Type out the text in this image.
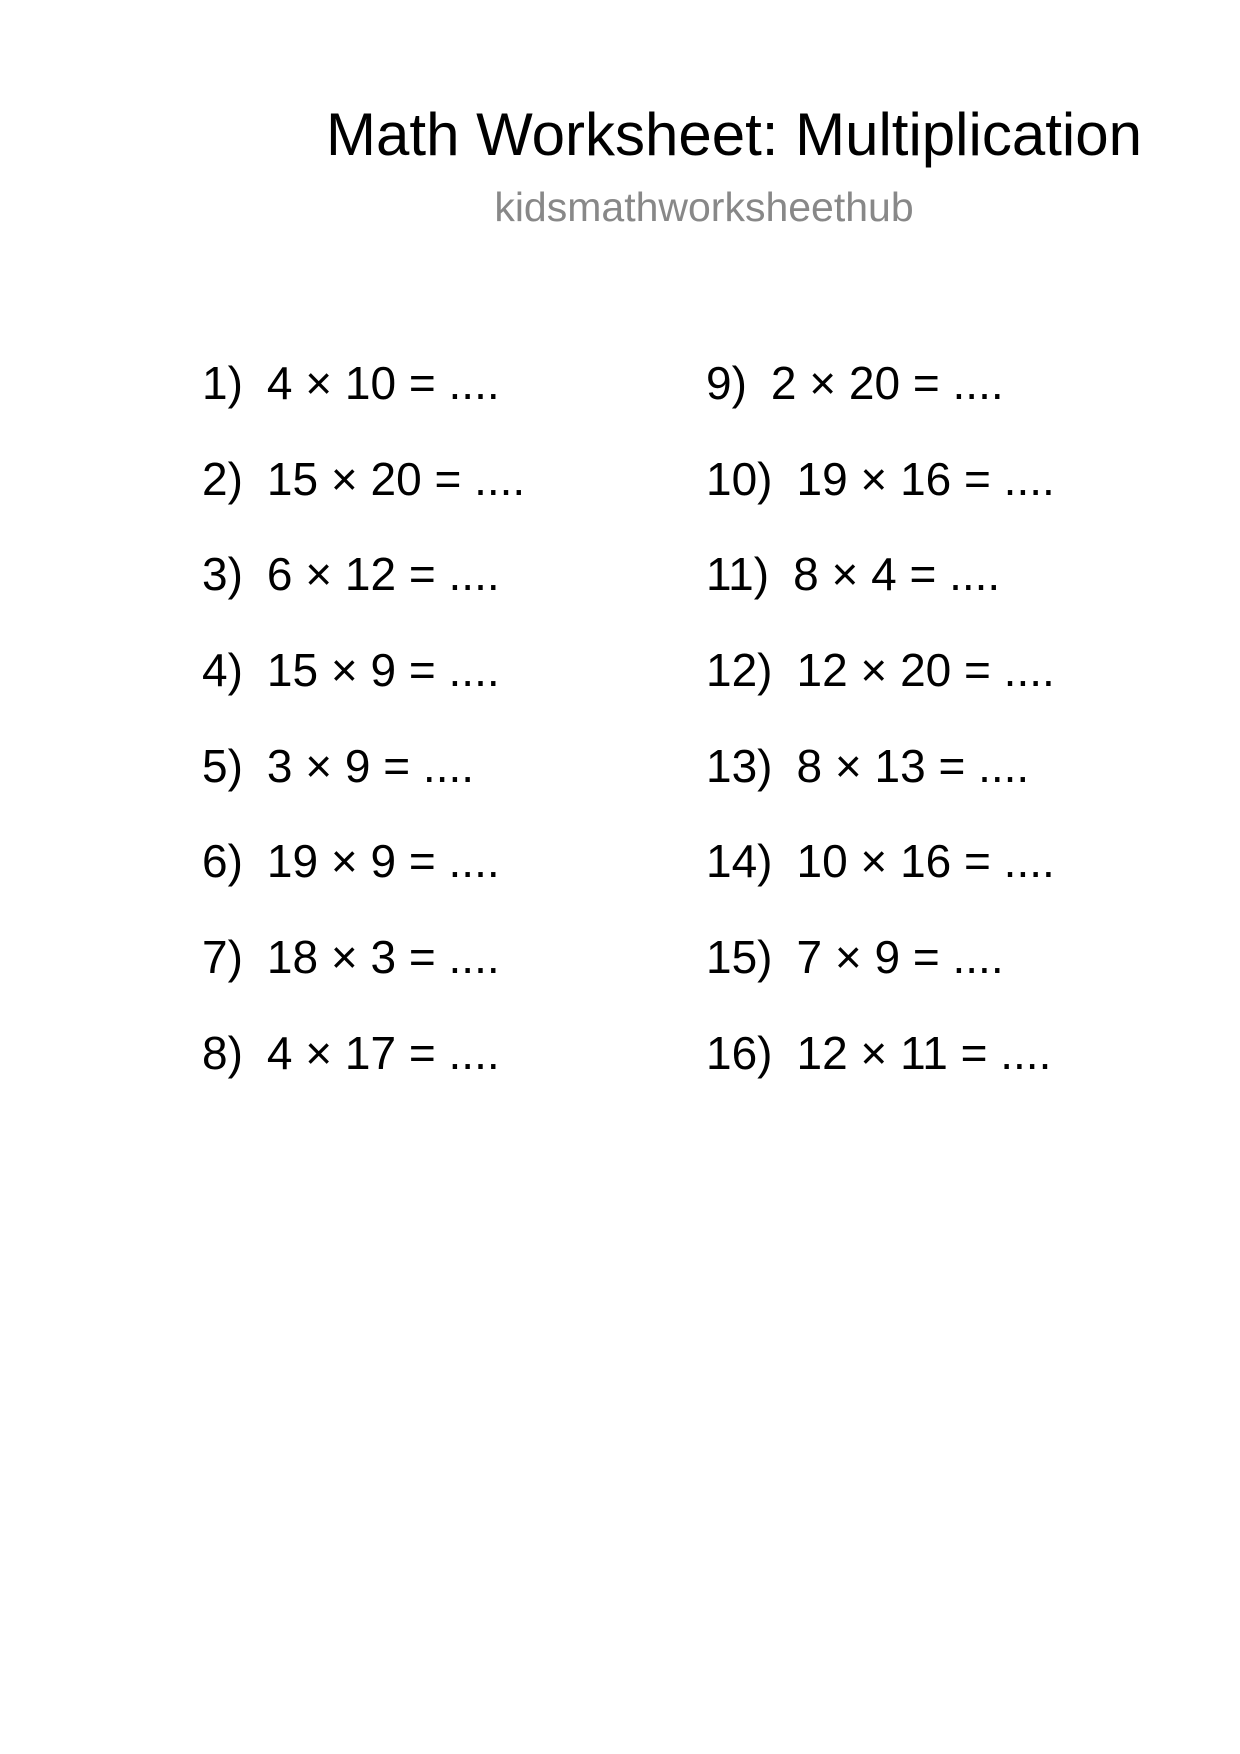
Math Worksheet: Multiplication
kidsmathworksheethub
1) 4 × 10 = ....
2) 15 × 20 = ....
3) 6 × 12 = ....
4) 15 × 9 = ....
5) 3 × 9 = ....
6) 19 × 9 = ....
7) 18 × 3 = ....
8) 4 × 17 = ....
9) 2 × 20 = ....
10) 19 × 16 = ....
11) 8 × 4 = ....
12) 12 × 20 = ....
13) 8 × 13 = ....
14) 10 × 16 = ....
15) 7 × 9 = ....
16) 12 × 11 = ....
